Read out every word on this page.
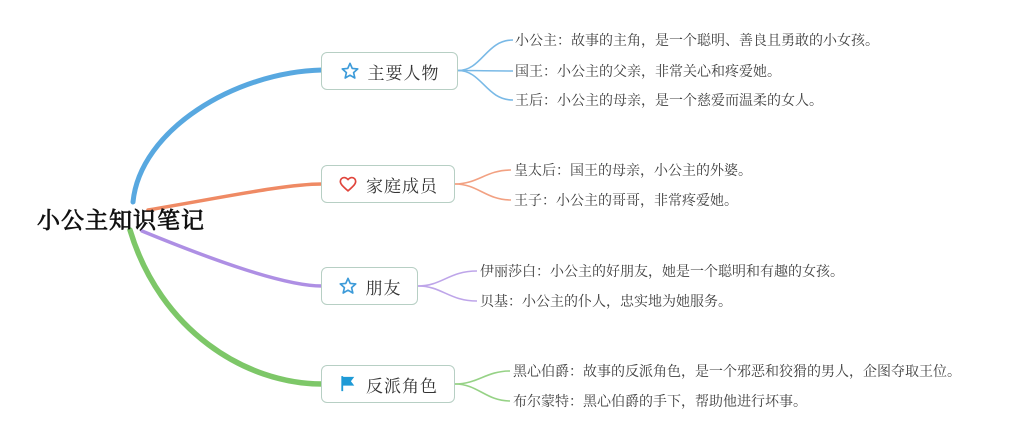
小公主知识笔记
主要人物
小公主：故事的主角，是一个聪明、善良且勇敢的小女孩。
国王：小公主的父亲，非常关心和疼爱她。
王后：小公主的母亲，是一个慈爱而温柔的女人。
家庭成员
皇太后：国王的母亲，小公主的外婆。
王子：小公主的哥哥，非常疼爱她。
朋友
伊丽莎白：小公主的好朋友，她是一个聪明和有趣的女孩。
贝基：小公主的仆人，忠实地为她服务。
反派角色
黑心伯爵：故事的反派角色，是一个邪恶和狡猾的男人，企图夺取王位。
布尔蒙特：黑心伯爵的手下，帮助他进行坏事。
